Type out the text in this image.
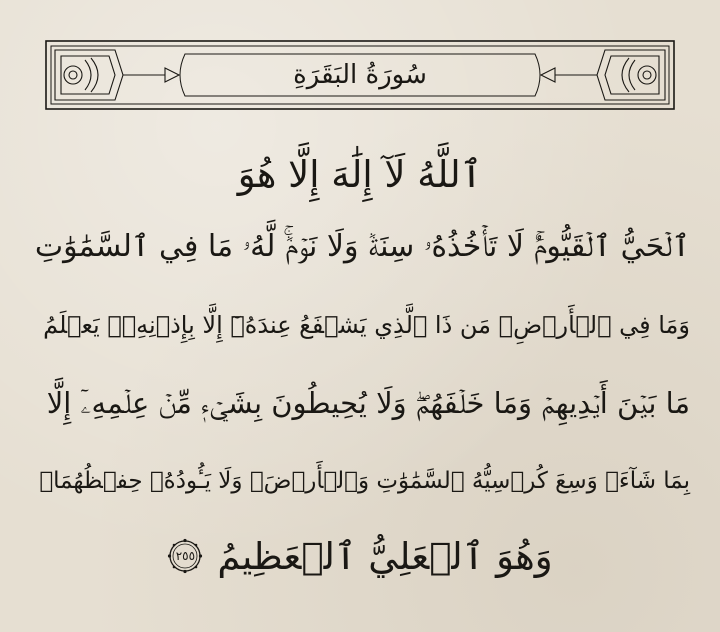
سُورَةُ البَقَرَةِ
ٱللَّهُ لَآ إِلَٰهَ إِلَّا هُوَ
ٱلۡحَيُّ ٱلۡقَيُّومُۚ لَا تَأۡخُذُهُۥ سِنَةٞ وَلَا نَوۡمٞۚ لَّهُۥ مَا فِي ٱلسَّمَٰوَٰتِ
وَمَا فِي ٱلۡأَرۡضِۗ مَن ذَا ٱلَّذِي يَشۡفَعُ عِندَهُۥٓ إِلَّا بِإِذۡنِهِۦۚ يَعۡلَمُ
مَا بَيۡنَ أَيۡدِيهِمۡ وَمَا خَلۡفَهُمۡۖ وَلَا يُحِيطُونَ بِشَيۡءٖ مِّنۡ عِلۡمِهِۦٓ إِلَّا
بِمَا شَآءَۚ وَسِعَ كُرۡسِيُّهُ ٱلسَّمَٰوَٰتِ وَٱلۡأَرۡضَۖ وَلَا يَـُٔودُهُۥ حِفۡظُهُمَاۚ
وَهُوَ ٱلۡعَلِيُّ ٱلۡعَظِيمُ
٢٥٥
